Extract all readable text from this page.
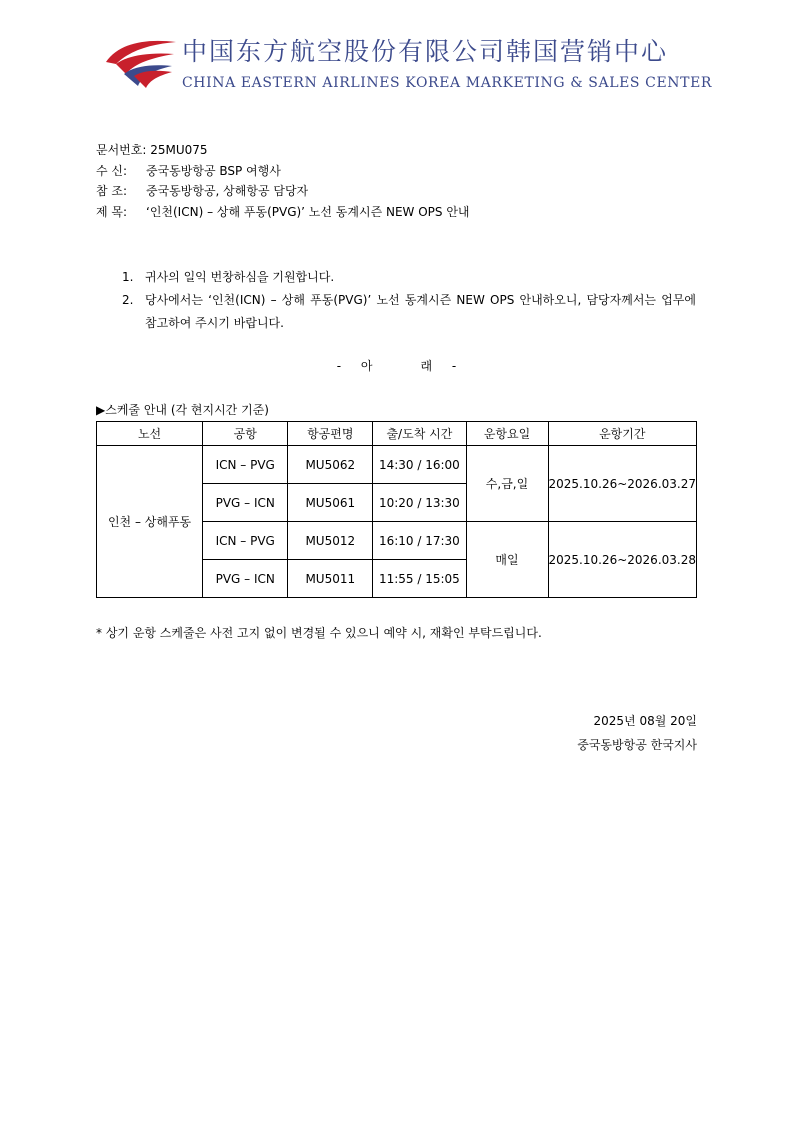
中国东方航空股份有限公司韩国营销中心
CHINA EASTERN AIRLINES KOREA MARKETING & SALES CENTER
문서번호: 25MU075
수 신: 중국동방항공 BSP 여행사
참 조: 중국동방항공, 상해항공 담당자
제 목: ‘인천(ICN) – 상해 푸동(PVG)’ 노선 동계시즌 NEW OPS 안내
1. 귀사의 일익 번창하심을 기원합니다.
2. 당사에서는 ‘인천(ICN) – 상해 푸동(PVG)’ 노선 동계시즌 NEW OPS 안내하오니, 담당자께서는 업무에 참고하여 주시기 바랍니다.
- 아	래 -
▶스케줄 안내 (각 현지시간 기준)
노선	공항	항공편명	출/도착 시간	운항요일	운항기간
인천 – 상해푸동	ICN – PVG	MU5062	14:30 / 16:00	수,금,일	2025.10.26~2026.03.27
	PVG – ICN	MU5061	10:20 / 13:30		
	ICN – PVG	MU5012	16:10 / 17:30	매일	2025.10.26~2026.03.28
	PVG – ICN	MU5011	11:55 / 15:05		
* 상기 운항 스케줄은 사전 고지 없이 변경될 수 있으니 예약 시, 재확인 부탁드립니다.
2025년 08월 20일
중국동방항공 한국지사
